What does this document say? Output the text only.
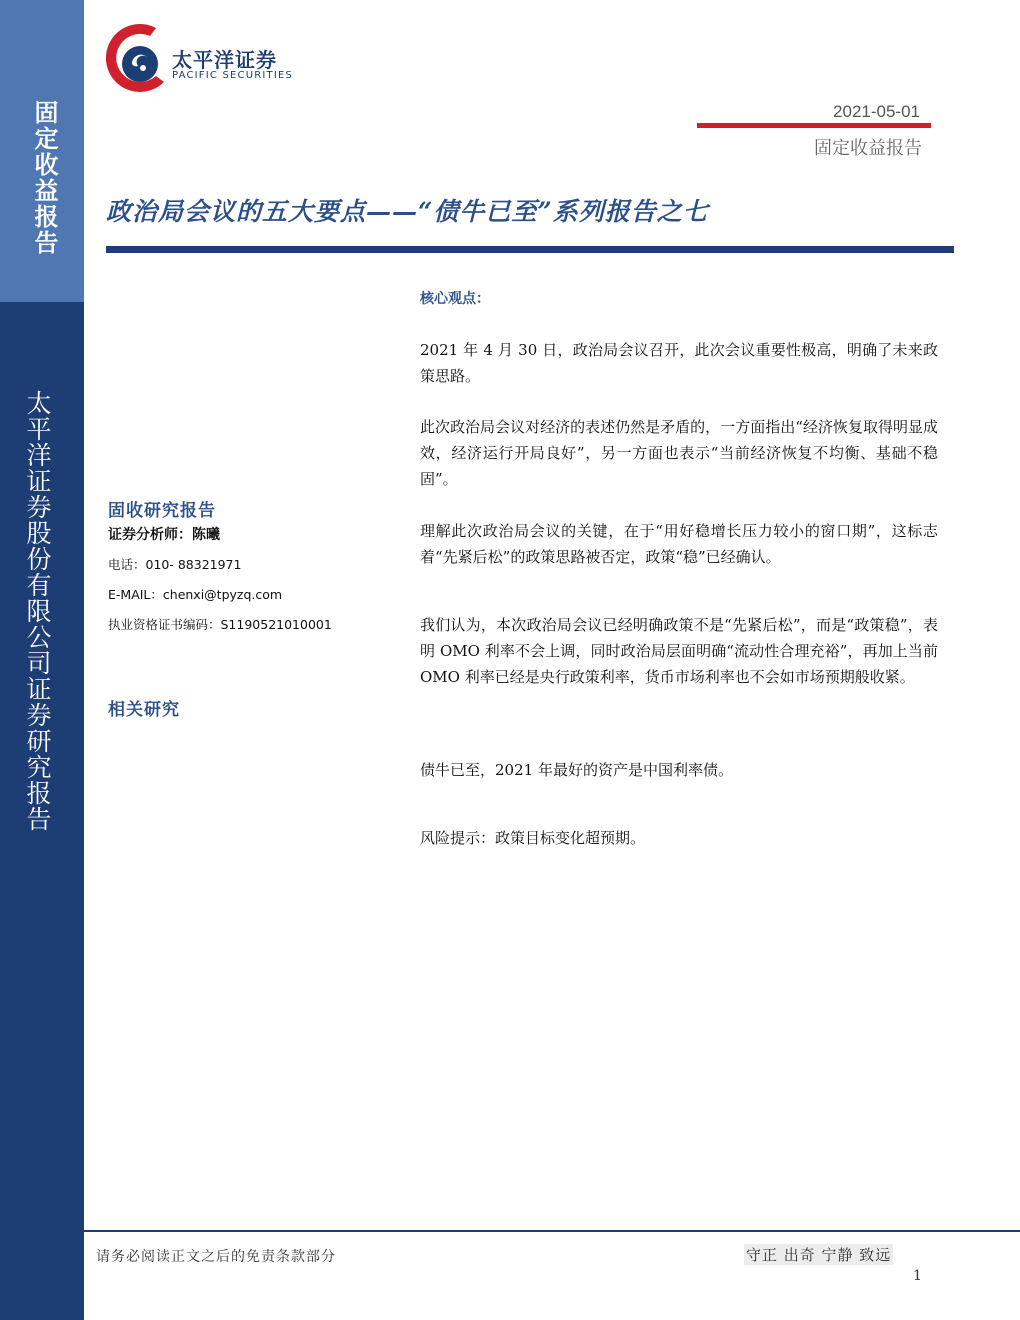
固定收益报告
太平洋证券股份有限公司证券研究报告
太平洋证券
PACIFIC SECURITIES
2021-05-01
固定收益报告
政治局会议的五大要点——“债牛已至”系列报告之七
固收研究报告
证券分析师：陈曦
电话：010- 88321971
E-MAIL：chenxi@tpyzq.com
执业资格证书编码：S1190521010001
相关研究
核心观点：
2021 年 4 月 30 日，政治局会议召开，此次会议重要性极高，明确了未来政策思路。
此次政治局会议对经济的表述仍然是矛盾的，一方面指出“经济恢复取得明显成效，经济运行开局良好”，另一方面也表示“当前经济恢复不均衡、基础不稳固”。
理解此次政治局会议的关键，在于“用好稳增长压力较小的窗口期”，这标志着“先紧后松”的政策思路被否定，政策“稳”已经确认。
我们认为，本次政治局会议已经明确政策不是“先紧后松”，而是“政策稳”，表明 OMO 利率不会上调，同时政治局层面明确“流动性合理充裕”，再加上当前 OMO 利率已经是央行政策利率，货币市场利率也不会如市场预期般收紧。
债牛已至，2021 年最好的资产是中国利率债。
风险提示：政策目标变化超预期。
请务必阅读正文之后的免责条款部分	守正 出奇 宁静 致远
1
